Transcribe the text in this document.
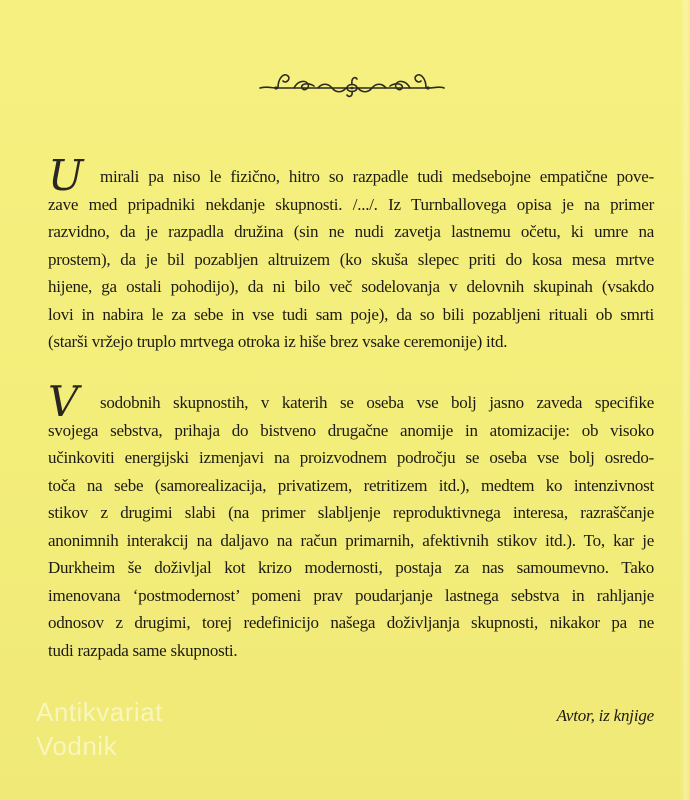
U mirali pa niso le fizično, hitro so razpadle tudi medsebojne empatične pove-
zave med pripadniki nekdanje skupnosti. /.../. Iz Turnballovega opisa je na primer
razvidno, da je razpadla družina (sin ne nudi zavetja lastnemu očetu, ki umre na
prostem), da je bil pozabljen altruizem (ko skuša slepec priti do kosa mesa mrtve
hijene, ga ostali pohodijo), da ni bilo več sodelovanja v delovnih skupinah (vsakdo
lovi in nabira le za sebe in vse tudi sam poje), da so bili pozabljeni rituali ob smrti
(starši vržejo truplo mrtvega otroka iz hiše brez vsake ceremonije) itd.
V	sodobnih skupnostih, v katerih se oseba vse bolj jasno zaveda specifike
svojega sebstva, prihaja do bistveno drugačne anomije in atomizacije: ob visoko
učinkoviti energijski izmenjavi na proizvodnem področju se oseba vse bolj osredo-
toča na sebe (samorealizacija, privatizem, retritizem itd.), medtem ko intenzivnost
stikov z drugimi slabi (na primer slabljenje reproduktivnega interesa, razraščanje
anonimnih interakcij na daljavo na račun primarnih, afektivnih stikov itd.). To, kar je
Durkheim še doživljal kot krizo modernosti, postaja za nas samoumevno. Tako
imenovana ‘postmodernost’ pomeni prav poudarjanje lastnega sebstva in rahljanje
odnosov z drugimi, torej redefinicijo našega doživljanja skupnosti, nikakor pa ne
tudi razpada same skupnosti.
Avtor, iz knjige
Antikvariat
Vodnik
